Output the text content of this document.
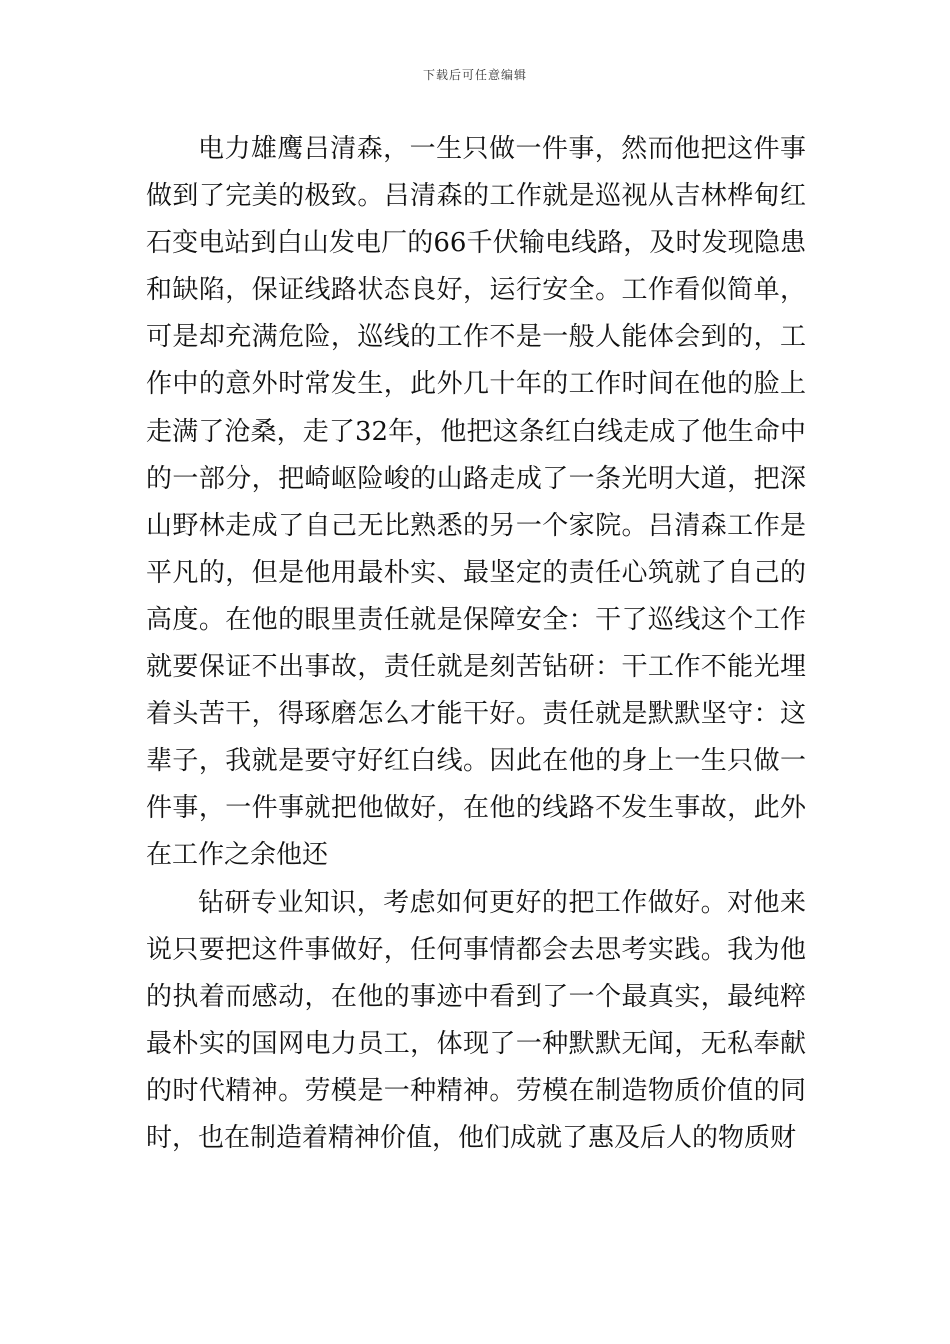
下载后可任意编辑

电力雄鹰吕清森，一生只做一件事，然而他把这件事做到了完美的极致。吕清森的工作就是巡视从吉林桦甸红石变电站到白山发电厂的66千伏输电线路，及时发现隐患和缺陷，保证线路状态良好，运行安全。工作看似简单，可是却充满危险，巡线的工作不是一般人能体会到的，工作中的意外时常发生，此外几十年的工作时间在他的脸上走满了沧桑，走了32年，他把这条红白线走成了他生命中的一部分，把崎岖险峻的山路走成了一条光明大道，把深山野林走成了自己无比熟悉的另一个家院。吕清森工作是平凡的，但是他用最朴实、最坚定的责任心筑就了自己的高度。在他的眼里责任就是保障安全：干了巡线这个工作就要保证不出事故，责任就是刻苦钻研：干工作不能光埋着头苦干，得琢磨怎么才能干好。责任就是默默坚守：这辈子，我就是要守好红白线。因此在他的身上一生只做一件事，一件事就把他做好，在他的线路不发生事故，此外在工作之余他还

钻研专业知识，考虑如何更好的把工作做好。对他来说只要把这件事做好，任何事情都会去思考实践。我为他的执着而感动，在他的事迹中看到了一个最真实，最纯粹最朴实的国网电力员工，体现了一种默默无闻，无私奉献的时代精神。劳模是一种精神。劳模在制造物质价值的同时，也在制造着精神价值，他们成就了惠及后人的物质财
